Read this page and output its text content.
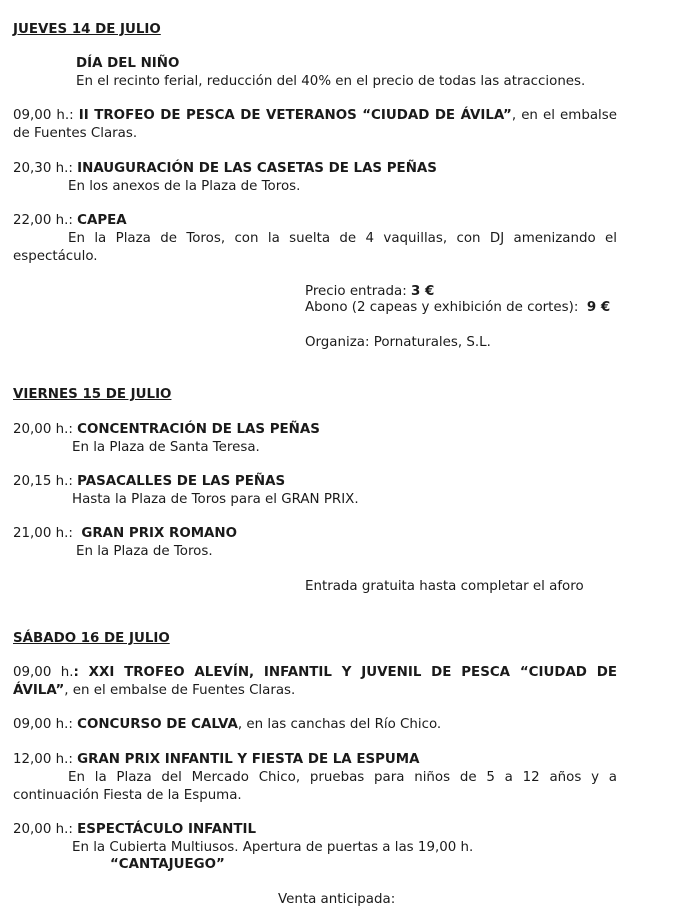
JUEVES 14 DE JULIO
DÍA DEL NIÑO
En el recinto ferial, reducción del 40% en el precio de todas las atracciones.
09,00 h.: II TROFEO DE PESCA DE VETERANOS “CIUDAD DE ÁVILA”, en el embalse de Fuentes Claras.
20,30 h.: INAUGURACIÓN DE LAS CASETAS DE LAS PEÑAS
En los anexos de la Plaza de Toros.
22,00 h.: CAPEA
En la Plaza de Toros, con la suelta de 4 vaquillas, con DJ amenizando el espectáculo.
Precio entrada: 3 €
Abono (2 capeas y exhibición de cortes): 9 €
Organiza: Pornaturales, S.L.
VIERNES 15 DE JULIO
20,00 h.: CONCENTRACIÓN DE LAS PEÑAS
En la Plaza de Santa Teresa.
20,15 h.: PASACALLES DE LAS PEÑAS
Hasta la Plaza de Toros para el GRAN PRIX.
21,00 h.: GRAN PRIX ROMANO
En la Plaza de Toros.
Entrada gratuita hasta completar el aforo
SÁBADO 16 DE JULIO
09,00 h.: XXI TROFEO ALEVÍN, INFANTIL Y JUVENIL DE PESCA “CIUDAD DE ÁVILA”, en el embalse de Fuentes Claras.
09,00 h.: CONCURSO DE CALVA, en las canchas del Río Chico.
12,00 h.: GRAN PRIX INFANTIL Y FIESTA DE LA ESPUMA
En la Plaza del Mercado Chico, pruebas para niños de 5 a 12 años y a continuación Fiesta de la Espuma.
20,00 h.: ESPECTÁCULO INFANTIL
En la Cubierta Multiusos. Apertura de puertas a las 19,00 h.
“CANTAJUEGO”
Venta anticipada:
